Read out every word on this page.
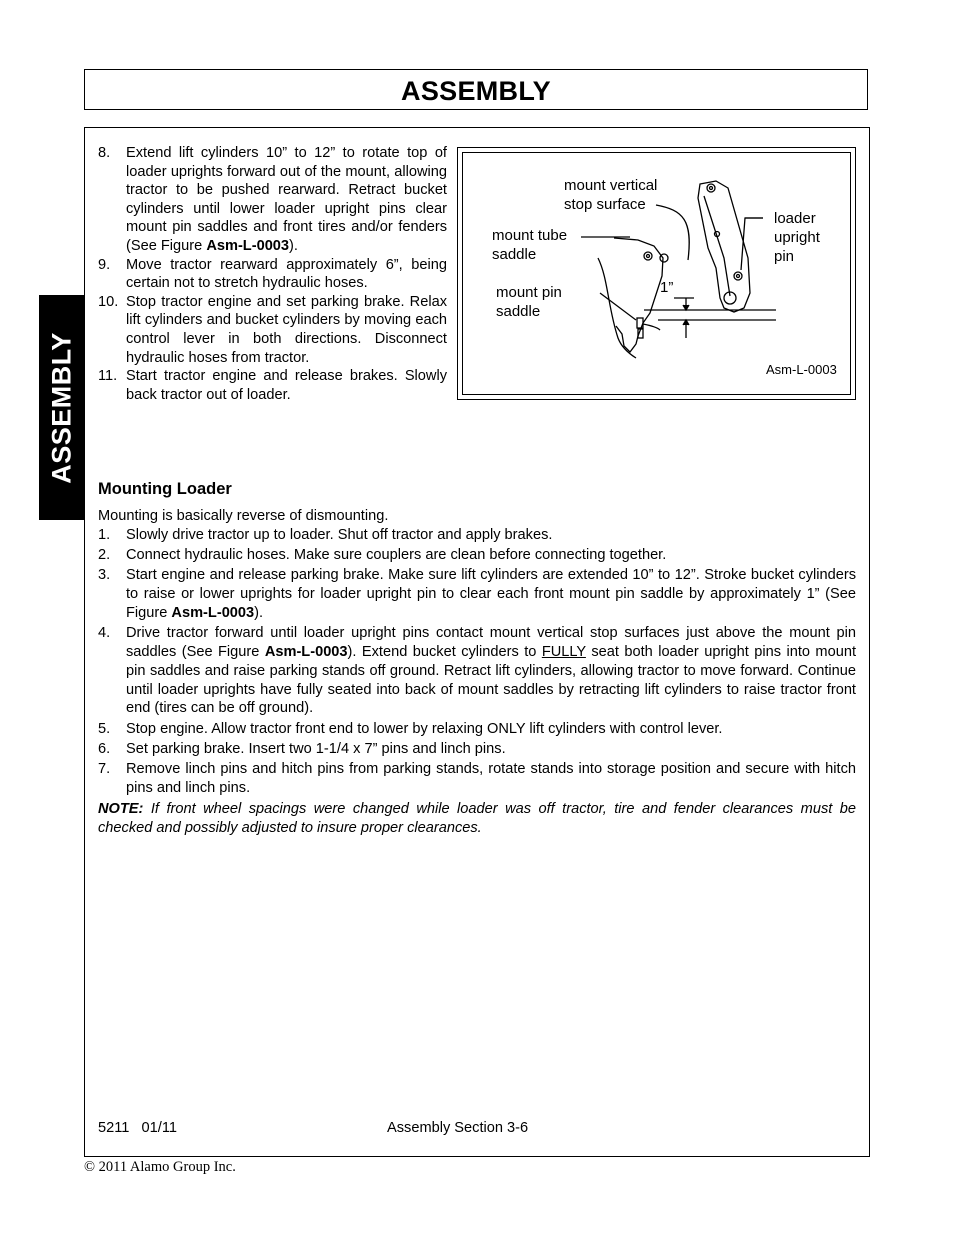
ASSEMBLY
ASSEMBLY
8. Extend lift cylinders 10” to 12” to rotate top of loader uprights forward out of the mount, allowing tractor to be pushed rearward. Retract bucket cylinders until lower loader upright pins clear mount pin saddles and front tires and/or fenders (See Figure Asm-L-0003).
9. Move tractor rearward approximately 6”, being certain not to stretch hydraulic hoses.
10. Stop tractor engine and set parking brake. Relax lift cylinders and bucket cylinders by moving each control lever in both directions. Disconnect hydraulic hoses from tractor.
11. Start tractor engine and release brakes. Slowly back tractor out of loader.
mount vertical
stop surface
mount tube
saddle
mount pin
saddle
loader
upright
pin
1”
Asm-L-0003
Mounting Loader
Mounting is basically reverse of dismounting.
1. Slowly drive tractor up to loader. Shut off tractor and apply brakes.
2. Connect hydraulic hoses. Make sure couplers are clean before connecting together.
3. Start engine and release parking brake. Make sure lift cylinders are extended 10” to 12”. Stroke bucket cylinders to raise or lower uprights for loader upright pin to clear each front mount pin saddle by approximately 1” (See Figure Asm-L-0003).
4. Drive tractor forward until loader upright pins contact mount vertical stop surfaces just above the mount pin saddles (See Figure Asm-L-0003). Extend bucket cylinders to FULLY seat both loader upright pins into mount pin saddles and raise parking stands off ground. Retract lift cylinders, allowing tractor to move forward. Continue until loader uprights have fully seated into back of mount saddles by retracting lift cylinders to raise tractor front end (tires can be off ground).
5. Stop engine. Allow tractor front end to lower by relaxing ONLY lift cylinders with control lever.
6. Set parking brake. Insert two 1-1/4 x 7” pins and linch pins.
7. Remove linch pins and hitch pins from parking stands, rotate stands into storage position and secure with hitch pins and linch pins.
NOTE: If front wheel spacings were changed while loader was off tractor, tire and fender clearances must be checked and possibly adjusted to insure proper clearances.
5211   01/11	Assembly Section 3-6
© 2011 Alamo Group Inc.
